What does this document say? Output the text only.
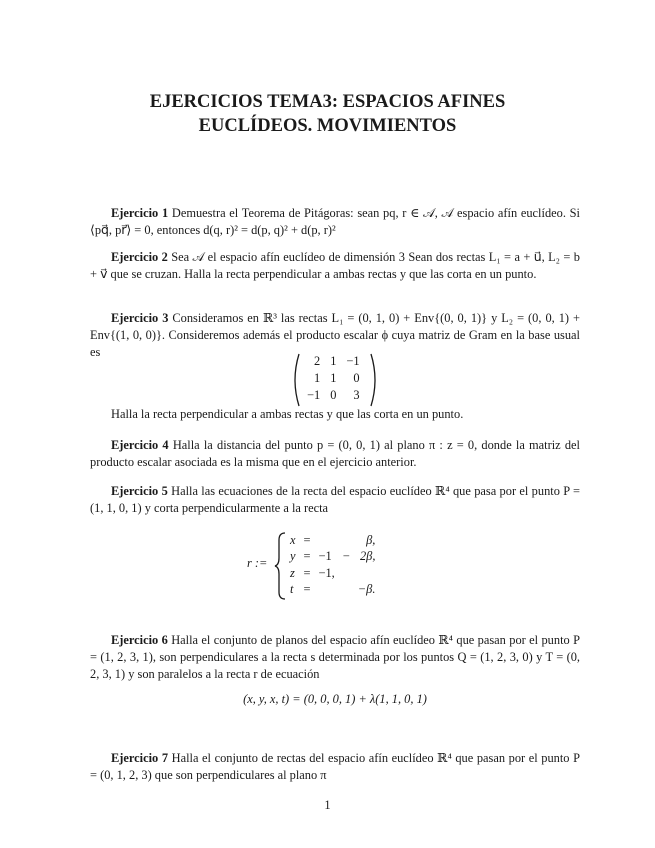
EJERCICIOS TEMA3: ESPACIOS AFINES
EUCLÍDEOS. MOVIMIENTOS
Ejercicio 1 Demuestra el Teorema de Pitágoras: sean pq, r ∈ 𝒜, 𝒜 espacio afín euclídeo. Si ⟨pq⃗, pr⃗⟩ = 0, entonces d(q, r)² = d(p, q)² + d(p, r)²
Ejercicio 2 Sea 𝒜 el espacio afín euclídeo de dimensión 3 Sean dos rectas L₁ = a + u⃗, L₂ = b + v⃗ que se cruzan. Halla la recta perpendicular a ambas rectas y que las corta en un punto.
Ejercicio 3 Consideramos en ℝ³ las rectas L₁ = (0, 1, 0) + Env{(0, 0, 1)} y L₂ = (0, 0, 1) + Env{(1, 0, 0)}. Consideremos además el producto escalar ϕ cuya matriz de Gram en la base usual es
2	1	−1
1	1	0
−1	0	3
Halla la recta perpendicular a ambas rectas y que las corta en un punto.
Ejercicio 4 Halla la distancia del punto p = (0, 0, 1) al plano π : z = 0, donde la matriz del producto escalar asociada es la misma que en el ejercicio anterior.
Ejercicio 5 Halla las ecuaciones de la recta del espacio euclídeo ℝ⁴ que pasa por el punto P = (1, 1, 0, 1) y corta perpendicularmente a la recta
r :=
x	=			β,
y	=	−1	−	2β,
z	=	−1,		
t	=			−β.
Ejercicio 6 Halla el conjunto de planos del espacio afín euclídeo ℝ⁴ que pasan por el punto P = (1, 2, 3, 1), son perpendiculares a la recta s determinada por los puntos Q = (1, 2, 3, 0) y T = (0, 2, 3, 1) y son paralelos a la recta r de ecuación
(x, y, x, t) = (0, 0, 0, 1) + λ(1, 1, 0, 1)
Ejercicio 7 Halla el conjunto de rectas del espacio afín euclídeo ℝ⁴ que pasan por el punto P = (0, 1, 2, 3) que son perpendiculares al plano π
1
